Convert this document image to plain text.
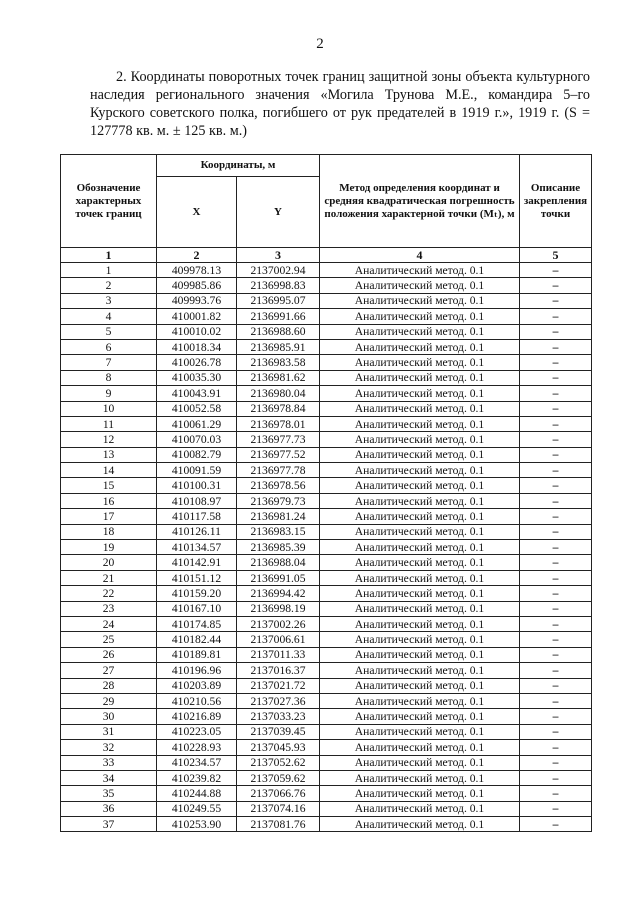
2

2. Координаты поворотных точек границ защитной зоны объекта культурного наследия регионального значения «Могила Трунова М.Е., командира 5–го Курского советского полка, погибшего от рук предателей в 1919 г.», 1919 г. (S = 127778 кв. м. ± 125 кв. м.)

Обозначение характерных точек границ	Координаты, м		Метод определения координат и средняя квадратическая погрешность положения характерной точки (Mₜ), м	Описание закрепления точки
	X	Y		
1	2	3	4	5
1	409978.13	2137002.94	Аналитический метод. 0.1	–
2	409985.86	2136998.83	Аналитический метод. 0.1	–
3	409993.76	2136995.07	Аналитический метод. 0.1	–
4	410001.82	2136991.66	Аналитический метод. 0.1	–
5	410010.02	2136988.60	Аналитический метод. 0.1	–
6	410018.34	2136985.91	Аналитический метод. 0.1	–
7	410026.78	2136983.58	Аналитический метод. 0.1	–
8	410035.30	2136981.62	Аналитический метод. 0.1	–
9	410043.91	2136980.04	Аналитический метод. 0.1	–
10	410052.58	2136978.84	Аналитический метод. 0.1	–
11	410061.29	2136978.01	Аналитический метод. 0.1	–
12	410070.03	2136977.73	Аналитический метод. 0.1	–
13	410082.79	2136977.52	Аналитический метод. 0.1	–
14	410091.59	2136977.78	Аналитический метод. 0.1	–
15	410100.31	2136978.56	Аналитический метод. 0.1	–
16	410108.97	2136979.73	Аналитический метод. 0.1	–
17	410117.58	2136981.24	Аналитический метод. 0.1	–
18	410126.11	2136983.15	Аналитический метод. 0.1	–
19	410134.57	2136985.39	Аналитический метод. 0.1	–
20	410142.91	2136988.04	Аналитический метод. 0.1	–
21	410151.12	2136991.05	Аналитический метод. 0.1	–
22	410159.20	2136994.42	Аналитический метод. 0.1	–
23	410167.10	2136998.19	Аналитический метод. 0.1	–
24	410174.85	2137002.26	Аналитический метод. 0.1	–
25	410182.44	2137006.61	Аналитический метод. 0.1	–
26	410189.81	2137011.33	Аналитический метод. 0.1	–
27	410196.96	2137016.37	Аналитический метод. 0.1	–
28	410203.89	2137021.72	Аналитический метод. 0.1	–
29	410210.56	2137027.36	Аналитический метод. 0.1	–
30	410216.89	2137033.23	Аналитический метод. 0.1	–
31	410223.05	2137039.45	Аналитический метод. 0.1	–
32	410228.93	2137045.93	Аналитический метод. 0.1	–
33	410234.57	2137052.62	Аналитический метод. 0.1	–
34	410239.82	2137059.62	Аналитический метод. 0.1	–
35	410244.88	2137066.76	Аналитический метод. 0.1	–
36	410249.55	2137074.16	Аналитический метод. 0.1	–
37	410253.90	2137081.76	Аналитический метод. 0.1	–
